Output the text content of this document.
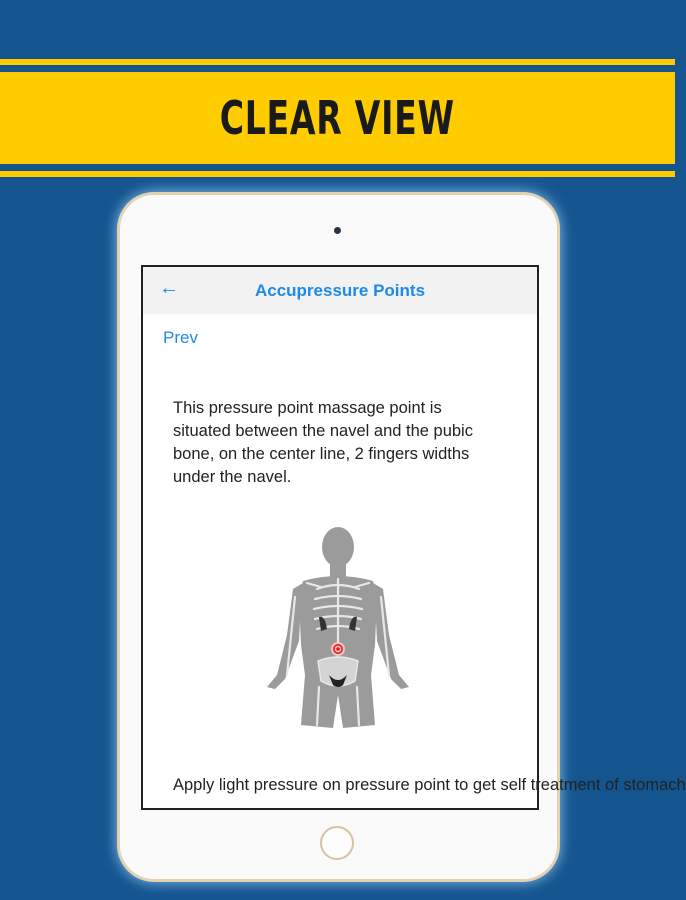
CLEAR VIEW
←	Accupressure Points
Prev
This pressure point massage point is situated between the navel and the pubic bone, on the center line, 2 fingers widths under the navel.
Apply light pressure on pressure point to get self treatment of stomach
